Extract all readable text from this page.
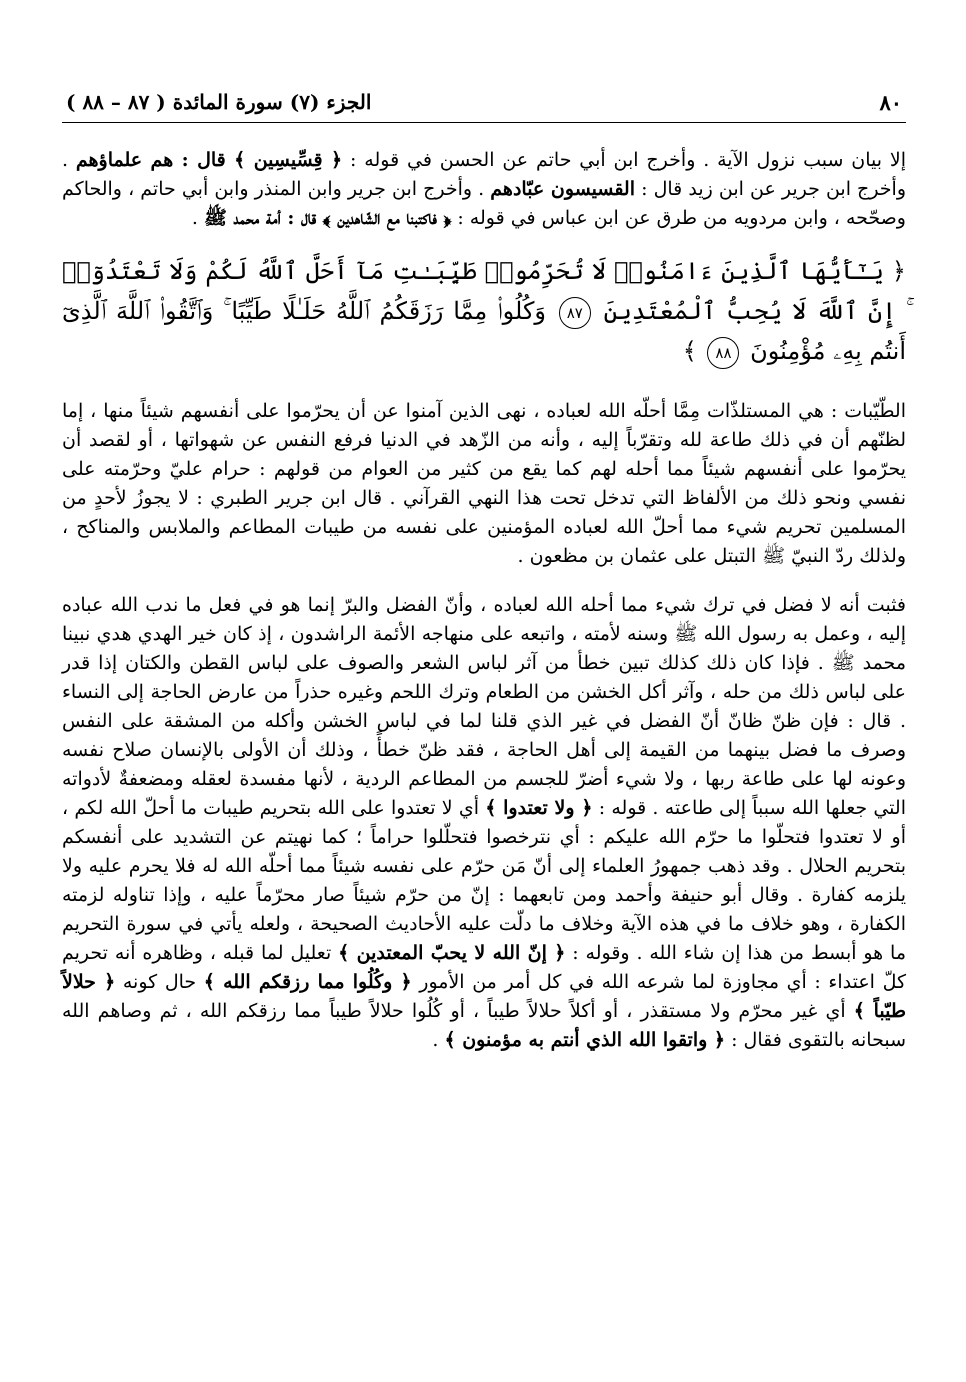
٨٠
الجزء (٧) سورة المائدة ( ٨٧ – ٨٨ )

إلا بيان سبب نزول الآية . وأخرج ابن أبي حاتم عن الحسن في قوله : ﴿ قِسِّيسِين ﴾ قال : هم علماؤهم . وأخرج ابن جرير عن ابن زيد قال : القسيسون عبّادهم . وأخرج ابن جرير وابن المنذر وابن أبي حاتم ، والحاكم وصحّحه ، وابن مردويه من طرق عن ابن عباس في قوله : ﴿ فاكتبنا مع الشّاهدين ﴾ قال : أمة محمد ﷺ .

﴿ يَـٰٓأَيُّهَا ٱلَّذِينَ ءَامَنُوا۟ لَا تُحَرِّمُوا۟ طَيِّبَـٰتِ مَآ أَحَلَّ ٱللَّهُ لَكُمْ وَلَا تَعْتَدُوٓا۟ ۚ إِنَّ ٱللَّهَ لَا يُحِبُّ ٱلْمُعْتَدِينَ ٨٧ وَكُلُوا۟ مِمَّا رَزَقَكُمُ ٱللَّهُ حَلَـٰلًا طَيِّبًا ۚ وَٱتَّقُوا۟ ٱللَّهَ ٱلَّذِىٓ أَنتُم بِهِۦ مُؤْمِنُونَ ٨٨ ﴾

الطّيّبات : هي المستلذّات مِمَّا أحلّه الله لعباده ، نهى الذين آمنوا عن أن يحرّموا على أنفسهم شيئاً منها ، إما لظنّهم أن في ذلك طاعة لله وتقرّباً إليه ، وأنه من الزّهد في الدنيا فرفع النفس عن شهواتها ، أو لقصد أن يحرّموا على أنفسهم شيئاً مما أحله لهم كما يقع من كثير من العوام من قولهم : حرام عليّ وحرّمته على نفسي ونحو ذلك من الألفاظ التي تدخل تحت هذا النهي القرآني . قال ابن جرير الطبري : لا يجوزُ لأحدٍ من المسلمين تحريم شيء مما أحلّ الله لعباده المؤمنين على نفسه من طيبات المطاعم والملابس والمناكح ، ولذلك ردّ النبيّ ﷺ التبتل على عثمان بن مظعون .

فثبت أنه لا فضل في ترك شيء مما أحله الله لعباده ، وأنّ الفضل والبرّ إنما هو في فعل ما ندب الله عباده إليه ، وعمل به رسول الله ﷺ وسنه لأمته ، واتبعه على منهاجه الأئمة الراشدون ، إذ كان خير الهدي هدي نبينا محمد ﷺ . فإذا كان ذلك كذلك تبين خطأ من آثر لباس الشعر والصوف على لباس القطن والكتان إذا قدر على لباس ذلك من حله ، وآثر أكل الخشن من الطعام وترك اللحم وغيره حذراً من عارض الحاجة إلى النساء . قال : فإن ظنّ ظانّ أنّ الفضل في غير الذي قلنا لما في لباس الخشن وأكله من المشقة على النفس وصرف ما فضل بينهما من القيمة إلى أهل الحاجة ، فقد ظنّ خطأً ، وذلك أن الأولى بالإنسان صلاح نفسه وعونه لها على طاعة ربها ، ولا شيء أضرّ للجسم من المطاعم الردية ، لأنها مفسدة لعقله ومضعفةٌ لأدواته التي جعلها الله سبباً إلى طاعته . قوله : ﴿ ولا تعتدوا ﴾ أي لا تعتدوا على الله بتحريم طيبات ما أحلّ الله لكم ، أو لا تعتدوا فتحلّوا ما حرّم الله عليكم : أي نترخصوا فتحلّلوا حراماً ؛ كما نهيتم عن التشديد على أنفسكم بتحريم الحلال . وقد ذهب جمهورُ العلماء إلى أنّ مَن حرّم على نفسه شيئاً مما أحلّه الله له فلا يحرم عليه ولا يلزمه كفارة . وقال أبو حنيفة وأحمد ومن تابعهما : إنّ من حرّم شيئاً صار محرّماً عليه ، وإذا تناوله لزمته الكفارة ، وهو خلاف ما في هذه الآية وخلاف ما دلّت عليه الأحاديث الصحيحة ، ولعله يأتي في سورة التحريم ما هو أبسط من هذا إن شاء الله . وقوله : ﴿ إنّ الله لا يحبّ المعتدين ﴾ تعليل لما قبله ، وظاهره أنه تحريم كلّ اعتداء : أي مجاوزة لما شرعه الله في كل أمر من الأمور ﴿ وكُلُوا مما رزقكم الله ﴾ حال كونه ﴿ حلالاً طيّباً ﴾ أي غير محرّم ولا مستقذر ، أو أكلاً حلالاً طيباً ، أو كُلُوا حلالاً طيباً مما رزقكم الله ، ثم وصاهم الله سبحانه بالتقوى فقال : ﴿ واتقوا الله الذي أنتم به مؤمنون ﴾ .
